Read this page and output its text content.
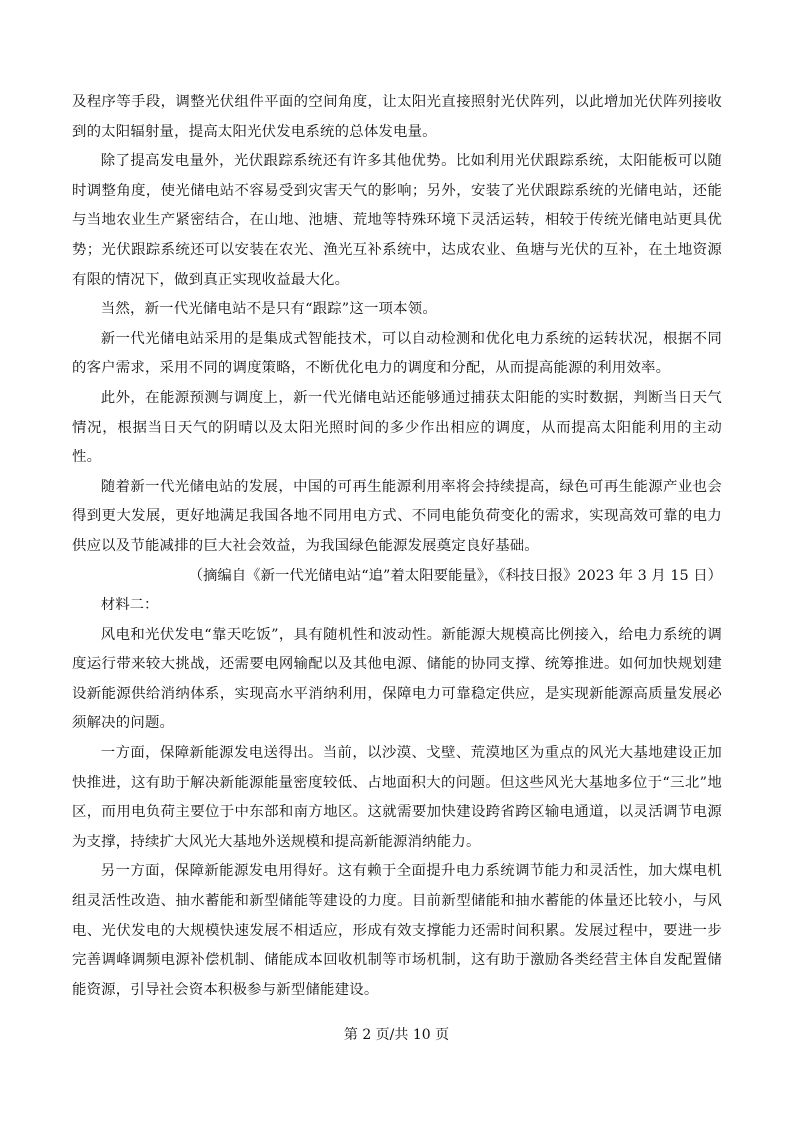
及程序等手段，调整光伏组件平面的空间角度，让太阳光直接照射光伏阵列，以此增加光伏阵列接收到的太阳辐射量，提高太阳光伏发电系统的总体发电量。

除了提高发电量外，光伏跟踪系统还有许多其他优势。比如利用光伏跟踪系统，太阳能板可以随时调整角度，使光储电站不容易受到灾害天气的影响；另外，安装了光伏跟踪系统的光储电站，还能与当地农业生产紧密结合，在山地、池塘、荒地等特殊环境下灵活运转，相较于传统光储电站更具优势；光伏跟踪系统还可以安装在农光、渔光互补系统中，达成农业、鱼塘与光伏的互补，在土地资源有限的情况下，做到真正实现收益最大化。

当然，新一代光储电站不是只有“跟踪”这一项本领。

新一代光储电站采用的是集成式智能技术，可以自动检测和优化电力系统的运转状况，根据不同的客户需求，采用不同的调度策略，不断优化电力的调度和分配，从而提高能源的利用效率。

此外，在能源预测与调度上，新一代光储电站还能够通过捕获太阳能的实时数据，判断当日天气情况，根据当日天气的阴晴以及太阳光照时间的多少作出相应的调度，从而提高太阳能利用的主动性。

随着新一代光储电站的发展，中国的可再生能源利用率将会持续提高，绿色可再生能源产业也会得到更大发展，更好地满足我国各地不同用电方式、不同电能负荷变化的需求，实现高效可靠的电力供应以及节能减排的巨大社会效益，为我国绿色能源发展奠定良好基础。

（摘编自《新一代光储电站“追”着太阳要能量》，《科技日报》2023 年 3 月 15 日）

材料二：

风电和光伏发电“靠天吃饭”，具有随机性和波动性。新能源大规模高比例接入，给电力系统的调度运行带来较大挑战，还需要电网输配以及其他电源、储能的协同支撑、统筹推进。如何加快规划建设新能源供给消纳体系，实现高水平消纳利用，保障电力可靠稳定供应，是实现新能源高质量发展必须解决的问题。

一方面，保障新能源发电送得出。当前，以沙漠、戈壁、荒漠地区为重点的风光大基地建设正加快推进，这有助于解决新能源能量密度较低、占地面积大的问题。但这些风光大基地多位于“三北”地区，而用电负荷主要位于中东部和南方地区。这就需要加快建设跨省跨区输电通道，以灵活调节电源为支撑，持续扩大风光大基地外送规模和提高新能源消纳能力。

另一方面，保障新能源发电用得好。这有赖于全面提升电力系统调节能力和灵活性，加大煤电机组灵活性改造、抽水蓄能和新型储能等建设的力度。目前新型储能和抽水蓄能的体量还比较小，与风电、光伏发电的大规模快速发展不相适应，形成有效支撑能力还需时间积累。发展过程中，要进一步完善调峰调频电源补偿机制、储能成本回收机制等市场机制，这有助于激励各类经营主体自发配置储能资源，引导社会资本积极参与新型储能建设。

第 2 页/共 10 页
